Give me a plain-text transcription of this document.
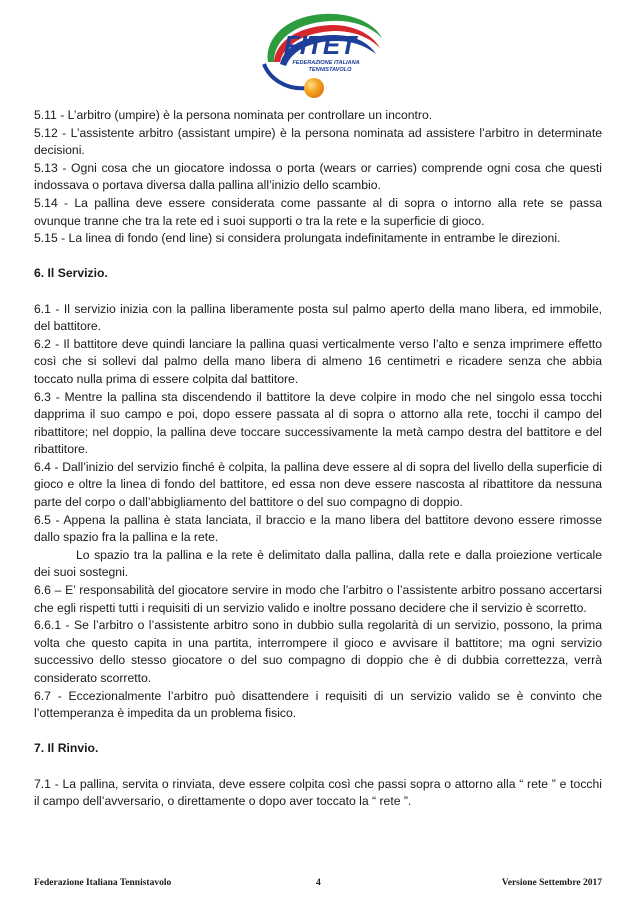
FITET
FEDERAZIONE ITALIANA
TENNISTAVOLO

5.11 - L’arbitro (umpire) è la persona nominata per controllare un incontro.

5.12 - L’assistente arbitro (assistant umpire) è la persona nominata ad assistere l’arbitro in determinate decisioni.

5.13 - Ogni cosa che un giocatore indossa o porta (wears or carries) comprende ogni cosa che questi indossava o portava diversa dalla pallina all’inizio dello scambio.

5.14 - La pallina deve essere considerata come passante al di sopra o intorno alla rete se passa ovunque tranne che tra la rete ed i suoi supporti o tra la rete e la superficie di gioco.

5.15 - La linea di fondo (end line) si considera prolungata indefinitamente in entrambe le direzioni.

6. Il Servizio.

6.1 - Il servizio inizia con la pallina liberamente posta sul palmo aperto della mano libera, ed immobile, del battitore.

6.2 - Il battitore deve quindi lanciare la pallina quasi verticalmente verso l’alto e senza imprimere effetto così che si sollevi dal palmo della mano libera di almeno 16 centimetri e ricadere senza che abbia toccato nulla prima di essere colpita dal battitore.

6.3 - Mentre la pallina sta discendendo il battitore la deve colpire in modo che nel singolo essa tocchi dapprima il suo campo e poi, dopo essere passata al di sopra o attorno alla rete, tocchi il campo del ribattitore; nel doppio, la pallina deve toccare successivamente la metà campo destra del battitore e del ribattitore.

6.4 - Dall’inizio del servizio finché è colpita, la pallina deve essere al di sopra del livello della superficie di gioco e oltre la linea di fondo del battitore, ed essa non deve essere nascosta al ribattitore da nessuna parte del corpo o dall’abbigliamento del battitore o del suo compagno di doppio.

6.5 - Appena la pallina è stata lanciata, il braccio e la mano libera del battitore devono essere rimosse dallo spazio fra la pallina e la rete.

Lo spazio tra la pallina e la rete è delimitato dalla pallina, dalla rete e dalla proiezione verticale dei suoi sostegni.

6.6 – E’ responsabilità del giocatore servire in modo che l’arbitro o l’assistente arbitro possano accertarsi che egli rispetti tutti i requisiti di un servizio valido e inoltre possano decidere che il servizio è scorretto.

6.6.1 - Se l’arbitro o l’assistente arbitro sono in dubbio sulla regolarità di un servizio, possono, la prima volta che questo capita in una partita, interrompere il gioco e avvisare il battitore; ma ogni servizio successivo dello stesso giocatore o del suo compagno di doppio che è di dubbia correttezza, verrà considerato scorretto.

6.7 - Eccezionalmente l’arbitro può disattendere i requisiti di un servizio valido se è convinto che l’ottemperanza è impedita da un problema fisico.

7. Il Rinvio.

7.1 - La pallina, servita o rinviata, deve essere colpita così che passi sopra o attorno alla “ rete ” e tocchi il campo dell’avversario, o direttamente o dopo aver toccato la “ rete ”.

Federazione Italiana Tennistavolo	4	Versione Settembre 2017
